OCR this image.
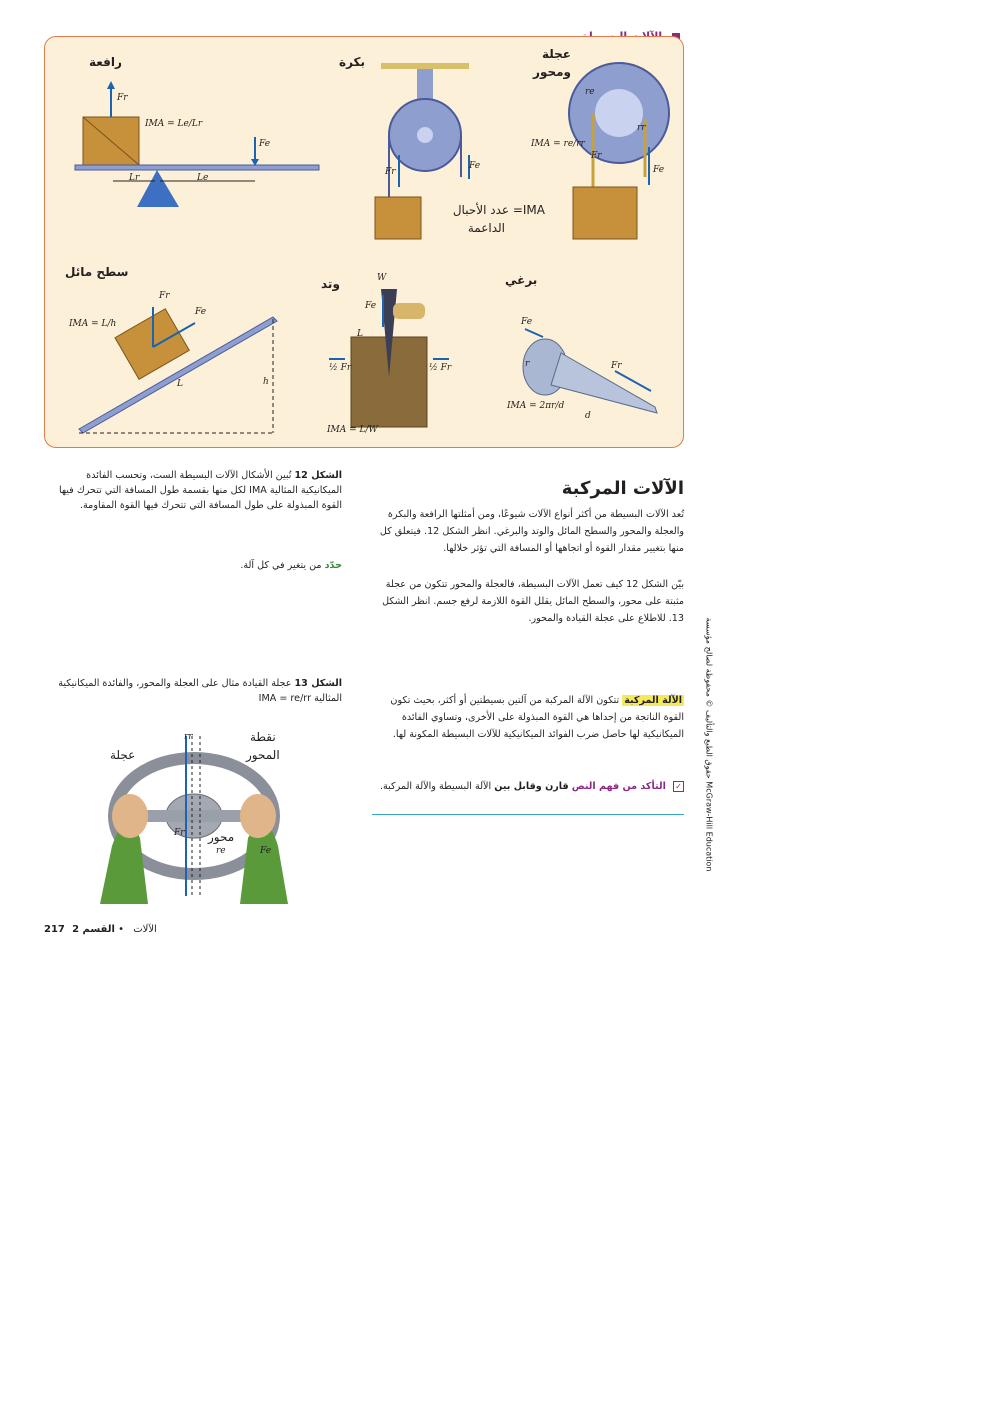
رافعة
Fr
Fe
Lr	Le
IMA = Le/Lr
بكرة
Fr
Fe
IMA= عدد الأحبال
الداعمة
عجلة
ومحور
re
rr
Fr
Fe
IMA = re/rr
سطح مائل
Fr
Fe
L	h
IMA = L/h
وتد	W
Fe
L
½ Fr	½ Fr
IMA = L/W
برغي
Fe
Fr
r
d
IMA = 2πr/d
الشكل 12 تُبين الأشكال الآلات البسيطة الست، وتحسب الفائدة الميكانيكية المثالية IMA لكل منها بقسمة طول المسافة التي تتحرك فيها القوة المبذولة على طول المسافة التي تتحرك فيها القوة المقاومة.
حدّد من يتغير في كل آلة.
الشكل 13 عجلة القيادة مثال على العجلة والمحور، والفائدة الميكانيكية المثالية IMA = re/rr
نقطة
المحور
عجلة
محور
Fr
Fe
rr
re
الآلات المركبة
تُعد الآلات البسيطة من أكثر أنواع الآلات شيوعًا، ومن أمثلتها الرافعة والبكرة والعجلة والمحور والسطح المائل والوتد والبرغي. انظر الشكل 12. فيتعلق كل منها بتغيير مقدار القوة أو اتجاهها أو المسافة التي تؤثر خلالها.
بيّن الشكل 12 كيف تعمل الآلات البسيطة، فالعجلة والمحور تتكون من عجلة مثبتة على محور، والسطح المائل يقلل القوة اللازمة لرفع جسم. انظر الشكل 13. للاطلاع على عجلة القيادة والمحور.
الآلة المركبة تتكون الآلة المركبة من آلتين بسيطتين أو أكثر، بحيث تكون القوة الناتجة من إحداها هي القوة المبذولة على الأخرى، وتساوي الفائدة الميكانيكية لها حاصل ضرب الفوائد الميكانيكية للآلات البسيطة المكونة لها.
✓ التأكد من فهم النص قارن وقابل بين الآلة البسيطة والآلة المركبة.
217	الآلات • القسم 2
حقوق الطبع والتأليف © محفوظة لصالح مؤسسة McGraw-Hill Education
